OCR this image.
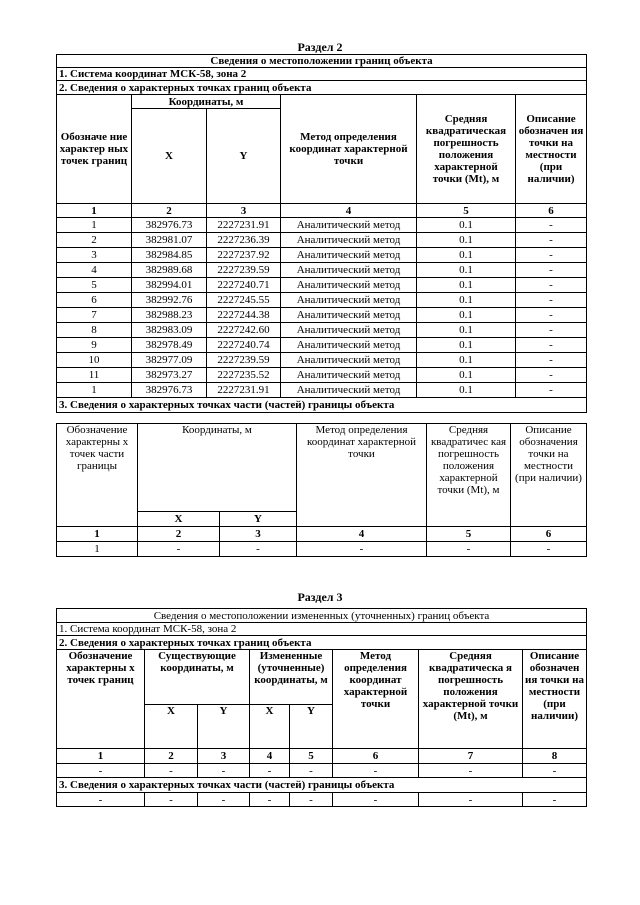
Раздел 2
Сведения о местоположении границ объекта					
1. Система координат МСК-58, зона 2					
2. Сведения о характерных точках границ объекта					
Обозначе ние характер ных точек границ	Координаты, м		Метод определения координат характерной точки	Средняя квадратическая погрешность положения характерной точки (Mt), м	Описание обозначен ия точки на местности (при наличии)
	X	Y			
1	2	3	4	5	6
1	382976.73	2227231.91	Аналитический метод	0.1	-
2	382981.07	2227236.39	Аналитический метод	0.1	-
3	382984.85	2227237.92	Аналитический метод	0.1	-
4	382989.68	2227239.59	Аналитический метод	0.1	-
5	382994.01	2227240.71	Аналитический метод	0.1	-
6	382992.76	2227245.55	Аналитический метод	0.1	-
7	382988.23	2227244.38	Аналитический метод	0.1	-
8	382983.09	2227242.60	Аналитический метод	0.1	-
9	382978.49	2227240.74	Аналитический метод	0.1	-
10	382977.09	2227239.59	Аналитический метод	0.1	-
11	382973.27	2227235.52	Аналитический метод	0.1	-
1	382976.73	2227231.91	Аналитический метод	0.1	-
3. Сведения о характерных точках части (частей) границы объекта					
Обозначение характерны х точек части границы	Координаты, м		Метод определения координат характерной точки	Средняя квадратичес кая погрешность положения характерной точки (Mt), м	Описание обозначения точки на местности (при наличии)
	X	Y			
1	2	3	4	5	6
1	-	-	-	-	-
Раздел 3
Сведения о местоположении измененных (уточненных) границ объекта							
1. Система координат МСК-58, зона 2							
2. Сведения о характерных точках границ объекта							
Обозначение характерны х точек границ	Существующие координаты, м		Измененные (уточненные) координаты, м		Метод определения координат характерной точки	Средняя квадратическа я погрешность положения характерной точки (Mt), м	Описание обозначен ия точки на местности (при наличии)
	X	Y	X	Y			
1	2	3	4	5	6	7	8
-	-	-	-	-	-	-	-
3. Сведения о характерных точках части (частей) границы объекта							
-	-	-	-	-	-	-	-
